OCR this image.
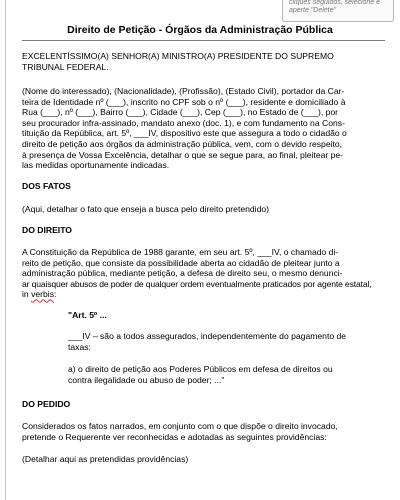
cliques seguidos, selecione e
aperte "Delete"
Direito de Petição - Órgãos da Administração Pública
EXCELENTÍSSIMO(A) SENHOR(A) MINISTRO(A) PRESIDENTE DO SUPREMO
TRIBUNAL FEDERAL.
(Nome do interessado), (Nacionalidade), (Profissão), (Estado Civil), portador da Car-
teira de Identidade nº (___), inscrito no CPF sob o nº (___), residente e domiciliado à
Rua (___), nº (___), Bairro (___), Cidade (___), Cep (___), no Estado de (___), por
seu procurador infra-assinado, mandato anexo (doc. 1), e com fundamento na Cons-
tituição da República, art. 5º, ___IV, dispositivo este que assegura a todo o cidadão o
direito de petição aos órgãos da administração pública, vem, com o devido respeito,
à presença de Vossa Excelência, detalhar o que se segue para, ao final, pleitear pe-
las medidas oportunamente indicadas.
DOS FATOS
(Aqui, detalhar o fato que enseja a busca pelo direito pretendido)
DO DIREITO
A Constituição da República de 1988 garante, em seu art. 5º, ___IV, o chamado di-
reito de petição, que consiste da possibilidade aberta ao cidadão de pleitear junto a
administração pública, mediante petição, a defesa de direito seu, o mesmo denunci-
ar quaisquer abusos de poder de qualquer ordem eventualmente praticados por agente estatal,
in verbis:
"Art. 5º ...
___IV – são a todos assegurados, independentemente do pagamento de
taxas:
a) o direito de petição aos Poderes Públicos em defesa de direitos ou
contra ilegalidade ou abuso de poder; ..."
DO PEDIDO
Considerados os fatos narrados, em conjunto com o que dispõe o direito invocado,
pretende o Requerente ver reconhecidas e adotadas as seguintes providências:
(Detalhar aqui as pretendidas providências)
